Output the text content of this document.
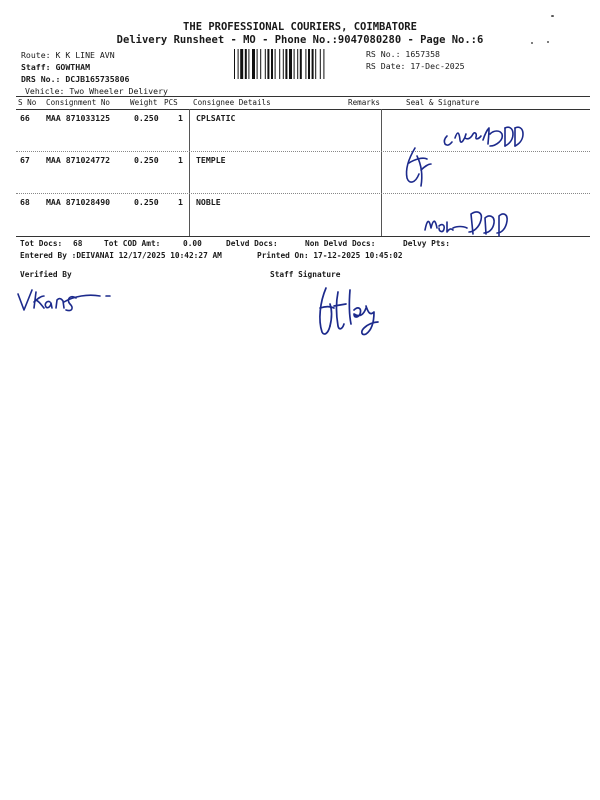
THE PROFESSIONAL COURIERS, COIMBATORE
Delivery Runsheet - MO - Phone No.:9047080280 - Page No.:6
Route: K K LINE AVN
Staff: GOWTHAM
DRS No.: DCJB165735806
Vehicle: Two Wheeler Delivery
RS No.: 1657358
RS Date: 17-Dec-2025
S No Consignment No	Weight PCS Consignee Details	Remarks	Seal & Signature
66 MAA 871033125	0.250 1 CPLSATIC
67 MAA 871024772	0.250 1 TEMPLE
68 MAA 871028490	0.250 1 NOBLE
Tot Docs: 68	Tot COD Amt:	0.00	Delvd Docs:	Non Delvd Docs:	Delvy Pts:
Entered By :DEIVANAI 12/17/2025 10:42:27 AM	Printed On: 17-12-2025 10:45:02
Verified By	Staff Signature
